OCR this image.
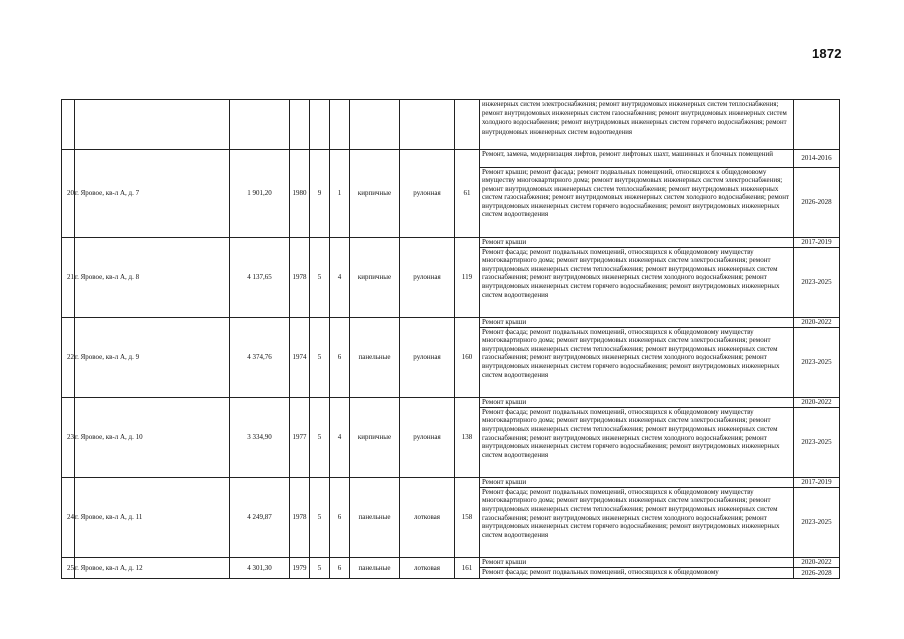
1872

инженерных систем электроснабжения; ремонт внутридомовых инженерных систем теплоснабжения; ремонт внутридомовых инженерных систем газоснабжения; ремонт внутридомовых инженерных систем холодного водоснабжения; ремонт внутридомовых инженерных систем горячего водоснабжения; ремонт внутридомовых инженерных систем водоотведения	

20	г. Яровое, кв-л А, д. 7	1 901,20	1980	9	1	кирпичные	рулонная	61	
Ремонт, замена, модернизация лифтов, ремонт лифтовых шахт, машинных и блочных помещений	2014-2016
Ремонт крыши; ремонт фасада; ремонт подвальных помещений, относящихся к общедомовому имуществу многоквартирного дома; ремонт внутридомовых инженерных систем электроснабжения; ремонт внутридомовых инженерных систем теплоснабжения; ремонт внутридомовых инженерных систем газоснабжения; ремонт внутридомовых инженерных систем холодного водоснабжения; ремонт внутридомовых инженерных систем горячего водоснабжения; ремонт внутридомовых инженерных систем водоотведения	2026-2028

21	г. Яровое, кв-л А, д. 8	4 137,65	1978	5	4	кирпичные	рулонная	119	
Ремонт крыши	2017-2019
Ремонт фасада; ремонт подвальных помещений, относящихся к общедомовому имуществу многоквартирного дома; ремонт внутридомовых инженерных систем электроснабжения; ремонт внутридомовых инженерных систем теплоснабжения; ремонт внутридомовых инженерных систем газоснабжения; ремонт внутридомовых инженерных систем холодного водоснабжения; ремонт внутридомовых инженерных систем горячего водоснабжения; ремонт внутридомовых инженерных систем водоотведения	2023-2025

22	г. Яровое, кв-л А, д. 9	4 374,76	1974	5	6	панельные	рулонная	160	
Ремонт крыши	2020-2022
Ремонт фасада; ремонт подвальных помещений, относящихся к общедомовому имуществу многоквартирного дома; ремонт внутридомовых инженерных систем электроснабжения; ремонт внутридомовых инженерных систем теплоснабжения; ремонт внутридомовых инженерных систем газоснабжения; ремонт внутридомовых инженерных систем холодного водоснабжения; ремонт внутридомовых инженерных систем горячего водоснабжения; ремонт внутридомовых инженерных систем водоотведения	2023-2025

23	г. Яровое, кв-л А, д. 10	3 334,90	1977	5	4	кирпичные	рулонная	138	
Ремонт крыши	2020-2022
Ремонт фасада; ремонт подвальных помещений, относящихся к общедомовому имуществу многоквартирного дома; ремонт внутридомовых инженерных систем электроснабжения; ремонт внутридомовых инженерных систем теплоснабжения; ремонт внутридомовых инженерных систем газоснабжения; ремонт внутридомовых инженерных систем холодного водоснабжения; ремонт внутридомовых инженерных систем горячего водоснабжения; ремонт внутридомовых инженерных систем водоотведения	2023-2025

24	г. Яровое, кв-л А, д. 11	4 249,87	1978	5	6	панельные	лотковая	158	
Ремонт крыши	2017-2019
Ремонт фасада; ремонт подвальных помещений, относящихся к общедомовому имуществу многоквартирного дома; ремонт внутридомовых инженерных систем электроснабжения; ремонт внутридомовых инженерных систем теплоснабжения; ремонт внутридомовых инженерных систем газоснабжения; ремонт внутридомовых инженерных систем холодного водоснабжения; ремонт внутридомовых инженерных систем горячего водоснабжения; ремонт внутридомовых инженерных систем водоотведения	2023-2025

25	г. Яровое, кв-л А, д. 12	4 301,30	1979	5	6	панельные	лотковая	161	
Ремонт крыши	2020-2022
Ремонт фасада; ремонт подвальных помещений, относящихся к общедомовому	2026-2028
